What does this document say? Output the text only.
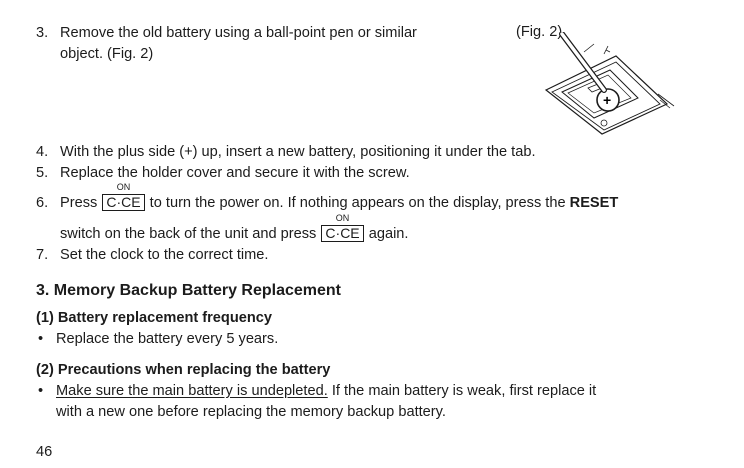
3. Remove the old battery using a ball-point pen or similar
object. (Fig. 2)
(Fig. 2)
+
4. With the plus side (+) up, insert a new battery, positioning it under the tab.
5. Replace the holder cover and secure it with the screw.
6. Press
ON
C·CE to turn the power on. If nothing appears on the display, press the RESET
switch on the back of the unit and press
ON
C·CE again.
7. Set the clock to the correct time.
3. Memory Backup Battery Replacement
(1) Battery replacement frequency
• Replace the battery every 5 years.
(2) Precautions when replacing the battery
• Make sure the main battery is undepleted. If the main battery is weak, first replace it
with a new one before replacing the memory backup battery.
46
